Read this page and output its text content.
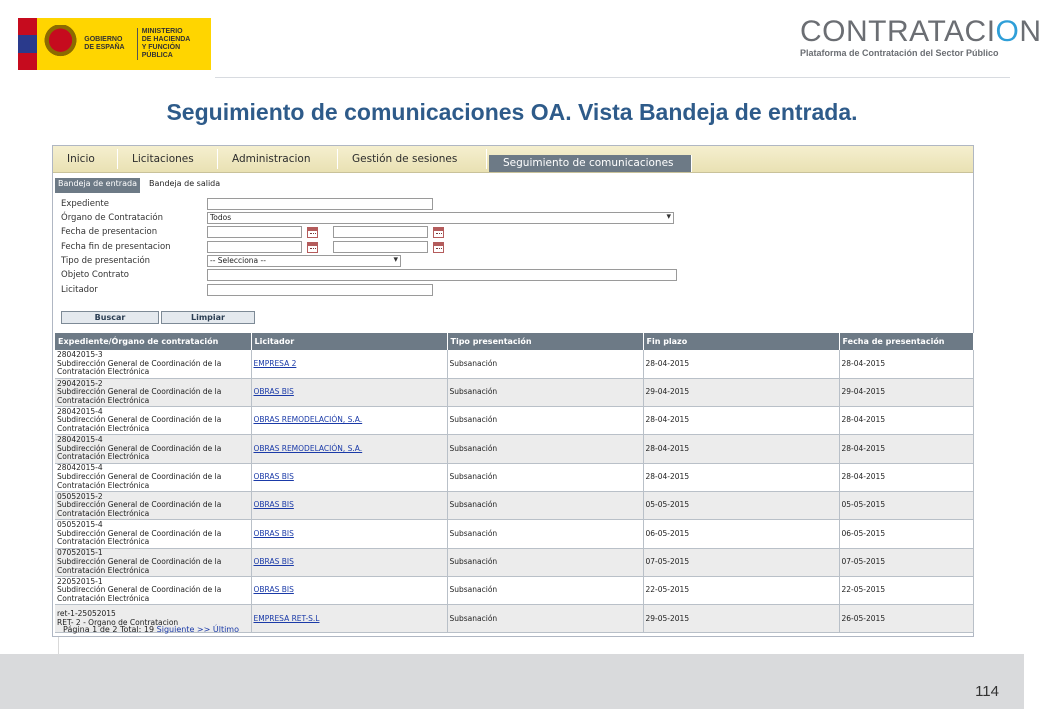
GOBIERNO
DE ESPAÑA
MINISTERIO
DE HACIENDA
Y FUNCIÓN PÚBLICA
CONTRATACION
Plataforma de Contratación del Sector Público
Seguimiento de comunicaciones OA. Vista Bandeja de entrada.
Inicio	Licitaciones	Administracion	Gestión de sesiones	Seguimiento de comunicaciones
Bandeja de entrada	Bandeja de salida
Expediente
Órgano de Contratación	Todos ▾
Fecha de presentacion
Fecha fin de presentacion
Tipo de presentación	-- Selecciona -- ▾
Objeto Contrato
Licitador
Buscar	Limpiar
Expediente/Órgano de contratación	Licitador	Tipo presentación	Fin plazo	Fecha de presentación

28042015-3
Subdirección General de Coordinación de la
Contratación Electrónica	EMPRESA 2	Subsanación	28-04-2015	28-04-2015

29042015-2
Subdirección General de Coordinación de la
Contratación Electrónica	OBRAS BIS	Subsanación	29-04-2015	29-04-2015

28042015-4
Subdirección General de Coordinación de la
Contratación Electrónica	OBRAS REMODELACIÓN, S.A.	Subsanación	28-04-2015	28-04-2015

28042015-4
Subdirección General de Coordinación de la
Contratación Electrónica	OBRAS REMODELACIÓN, S.A.	Subsanación	28-04-2015	28-04-2015

28042015-4
Subdirección General de Coordinación de la
Contratación Electrónica	OBRAS BIS	Subsanación	28-04-2015	28-04-2015

05052015-2
Subdirección General de Coordinación de la
Contratación Electrónica	OBRAS BIS	Subsanación	05-05-2015	05-05-2015

05052015-4
Subdirección General de Coordinación de la
Contratación Electrónica	OBRAS BIS	Subsanación	06-05-2015	06-05-2015

07052015-1
Subdirección General de Coordinación de la
Contratación Electrónica	OBRAS BIS	Subsanación	07-05-2015	07-05-2015

22052015-1
Subdirección General de Coordinación de la
Contratación Electrónica	OBRAS BIS	Subsanación	22-05-2015	22-05-2015

ret-1-25052015
RET- 2 - Organo de Contratacion	EMPRESA RET-S.L	Subsanación	29-05-2015	26-05-2015
Página 1 de 2 Total: 19 Siguiente >> Último
114
